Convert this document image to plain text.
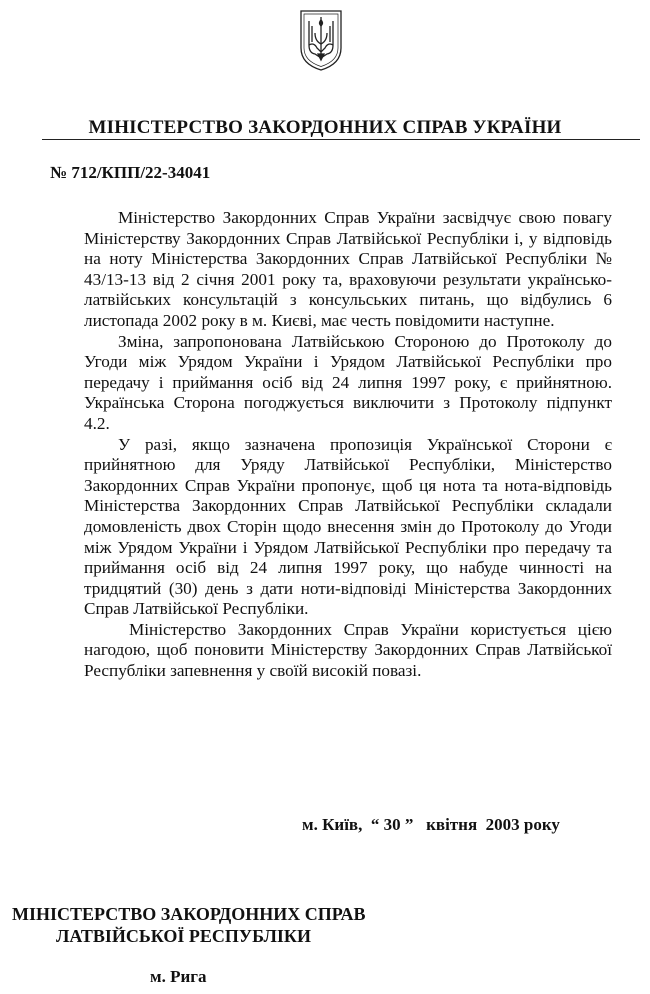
МІНІСТЕРСТВО ЗАКОРДОННИХ СПРАВ УКРАЇНИ
№ 712/КПП/22-34041

Міністерство Закордонних Справ України засвідчує свою повагу Міністерству Закордонних Справ Латвійської Республіки і, у відповідь на ноту Міністерства Закордонних Справ Латвійської Республіки № 43/13-13 від 2 січня 2001 року та, враховуючи результати українсько-латвійських консультацій з консульських питань, що відбулись 6 листопада 2002 року в м. Києві, має честь повідомити наступне.

Зміна, запропонована Латвійською Стороною до Протоколу до Угоди між Урядом України і Урядом Латвійської Республіки про передачу і приймання осіб від 24 липня 1997 року, є прийнятною. Українська Сторона погоджується виключити з Протоколу підпункт 4.2.

У разі, якщо зазначена пропозиція Української Сторони є прийнятною для Уряду Латвійської Республіки, Міністерство Закордонних Справ України пропонує, щоб ця нота та нота-відповідь Міністерства Закордонних Справ Латвійської Республіки складали домовленість двох Сторін щодо внесення змін до Протоколу до Угоди між Урядом України і Урядом Латвійської Республіки про передачу та приймання осіб від 24 липня 1997 року, що набуде чинності на тридцятий (30) день з дати ноти-відповіді Міністерства Закордонних Справ Латвійської Республіки.

Міністерство Закордонних Справ України користується цією нагодою, щоб поновити Міністерству Закордонних Справ Латвійської Республіки запевнення у своїй високій повазі.

м. Київ,  “ 30 ”   квітня  2003 року
МІНІСТЕРСТВО ЗАКОРДОННИХ СПРАВ
ЛАТВІЙСЬКОЇ РЕСПУБЛІКИ
м. Рига
